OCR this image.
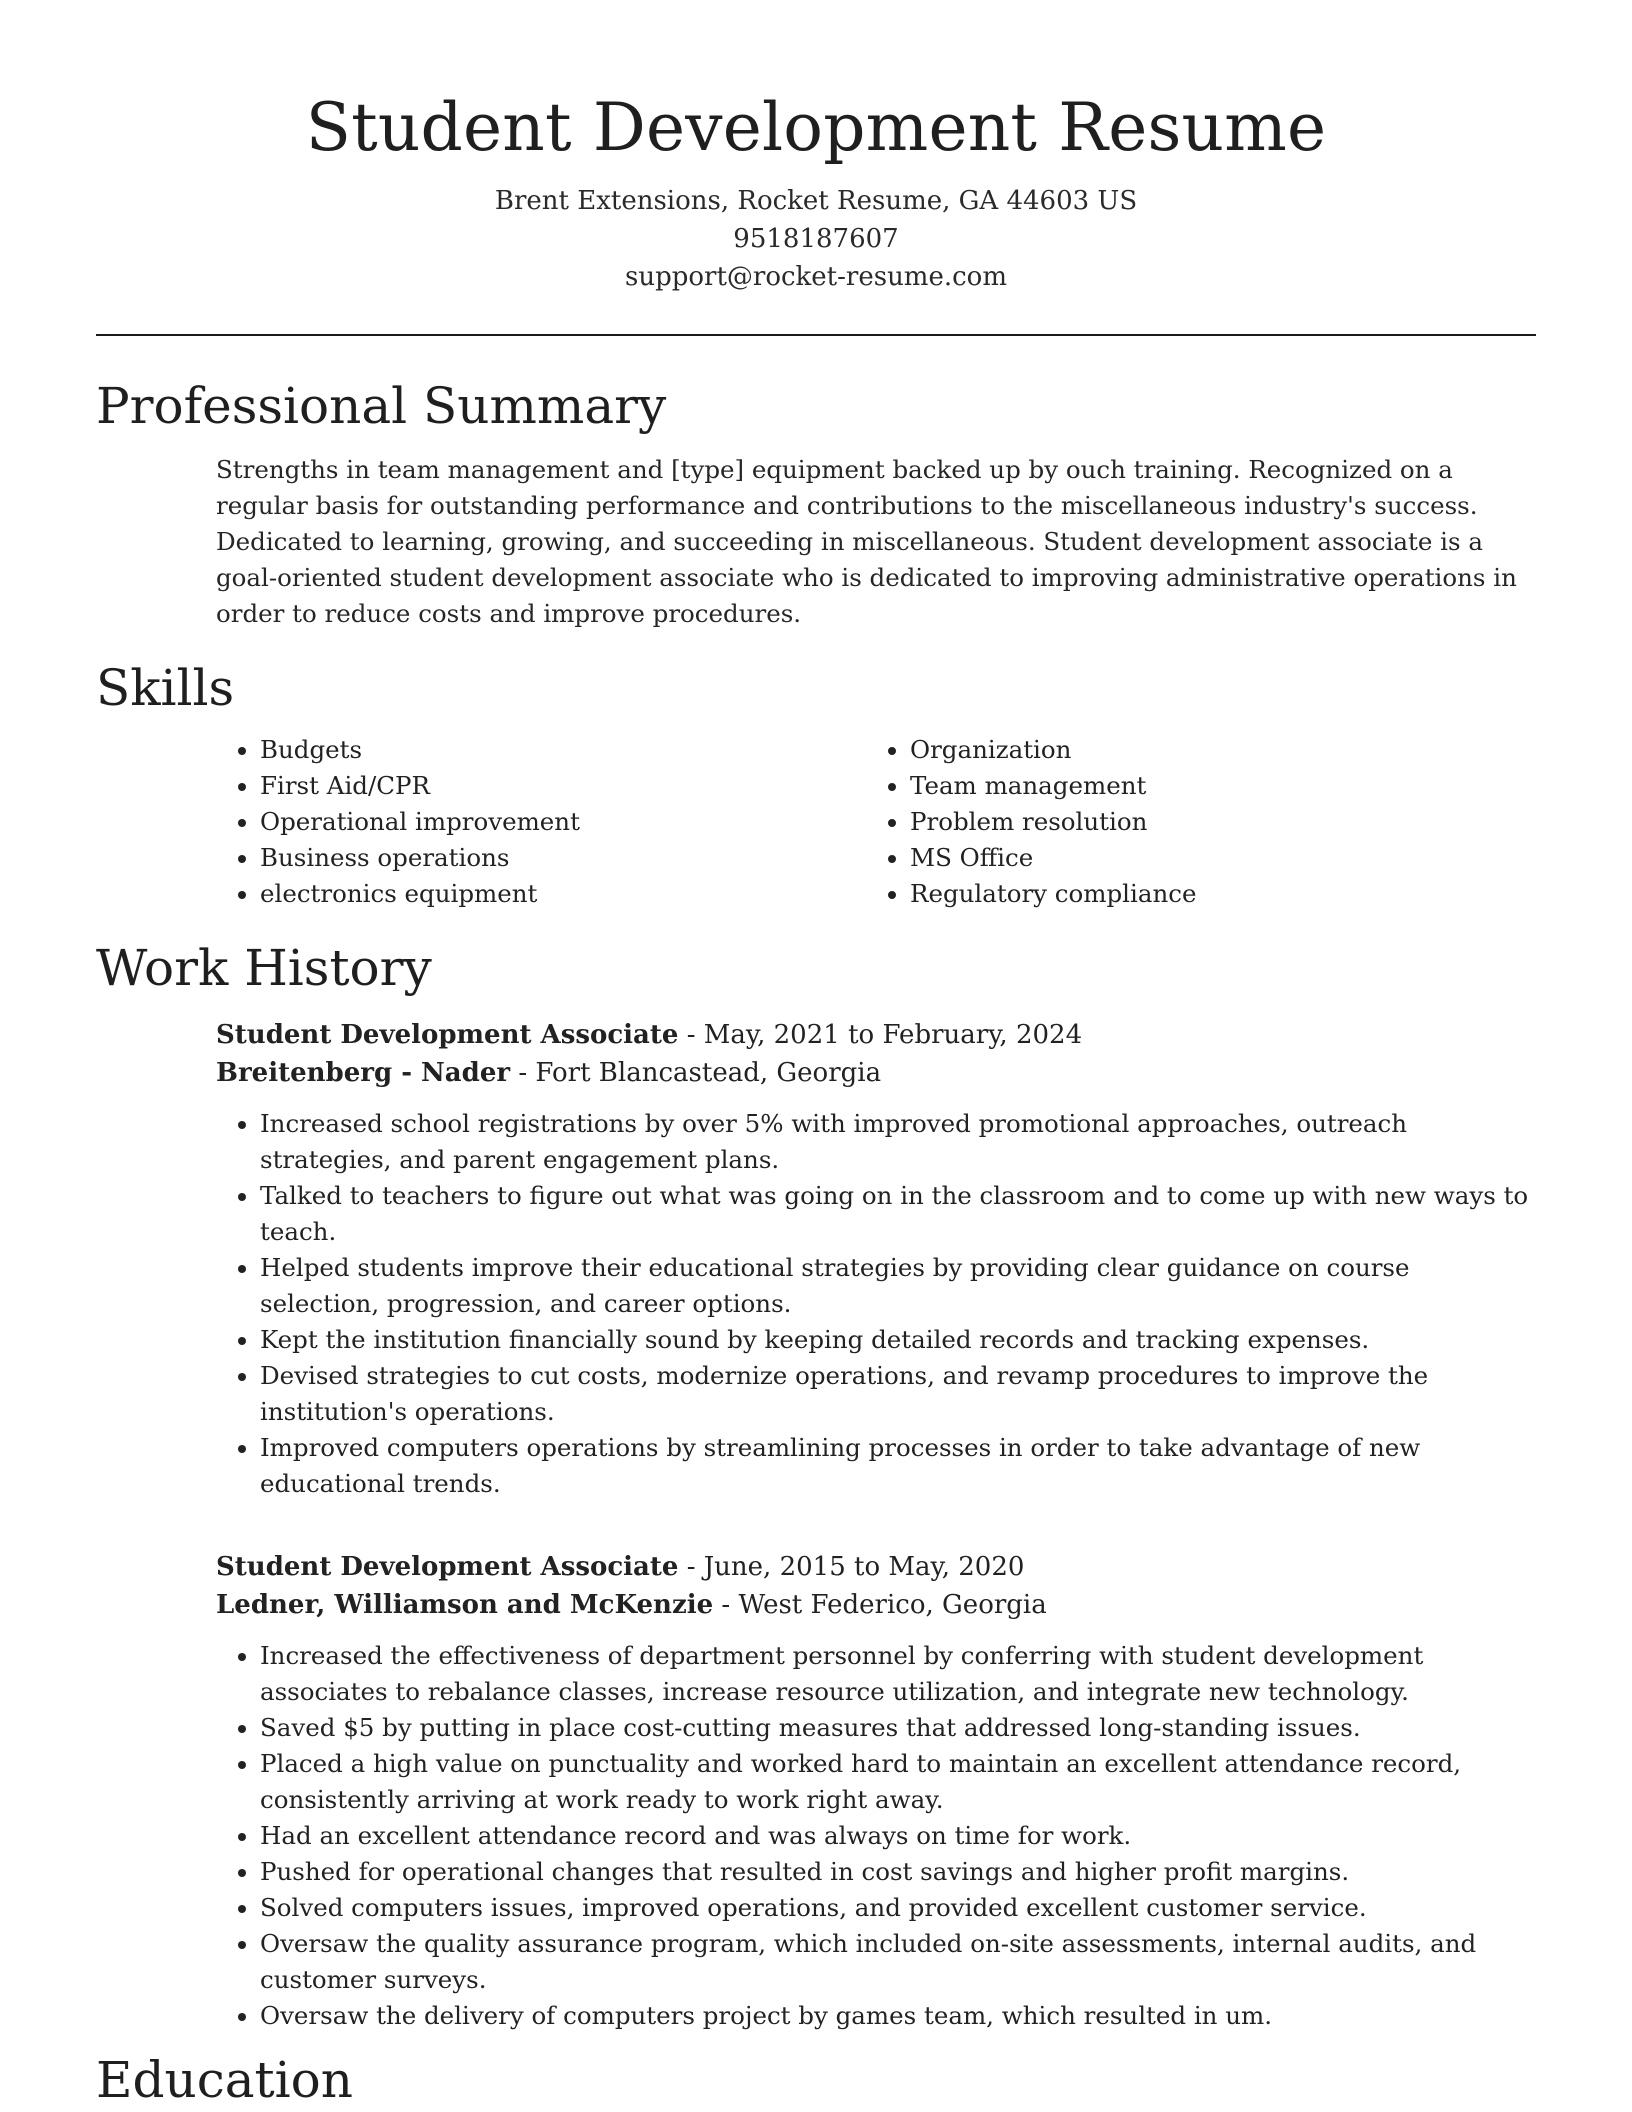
Student Development Resume
Brent Extensions, Rocket Resume, GA 44603 US
9518187607
support@rocket-resume.com
Professional Summary

Strengths in team management and [type] equipment backed up by ouch training. Recognized on a regular basis for outstanding performance and contributions to the miscellaneous industry's success. Dedicated to learning, growing, and succeeding in miscellaneous. Student development associate is a goal-oriented student development associate who is dedicated to improving administrative operations in order to reduce costs and improve procedures.

Skills
• Budgets
• First Aid/CPR
• Operational improvement
• Business operations
• electronics equipment
• Organization
• Team management
• Problem resolution
• MS Office
• Regulatory compliance
Work History
Student Development Associate - May, 2021 to February, 2024
Breitenberg - Nader - Fort Blancastead, Georgia
• Increased school registrations by over 5% with improved promotional approaches, outreach strategies, and parent engagement plans.
• Talked to teachers to figure out what was going on in the classroom and to come up with new ways to teach.
• Helped students improve their educational strategies by providing clear guidance on course selection, progression, and career options.
• Kept the institution financially sound by keeping detailed records and tracking expenses.
• Devised strategies to cut costs, modernize operations, and revamp procedures to improve the institution's operations.
• Improved computers operations by streamlining processes in order to take advantage of new educational trends.
Student Development Associate - June, 2015 to May, 2020
Ledner, Williamson and McKenzie - West Federico, Georgia
• Increased the effectiveness of department personnel by conferring with student development associates to rebalance classes, increase resource utilization, and integrate new technology.
• Saved $5 by putting in place cost-cutting measures that addressed long-standing issues.
• Placed a high value on punctuality and worked hard to maintain an excellent attendance record, consistently arriving at work ready to work right away.
• Had an excellent attendance record and was always on time for work.
• Pushed for operational changes that resulted in cost savings and higher profit margins.
• Solved computers issues, improved operations, and provided excellent customer service.
• Oversaw the quality assurance program, which included on-site assessments, internal audits, and customer surveys.
• Oversaw the delivery of computers project by games team, which resulted in um.
Education
